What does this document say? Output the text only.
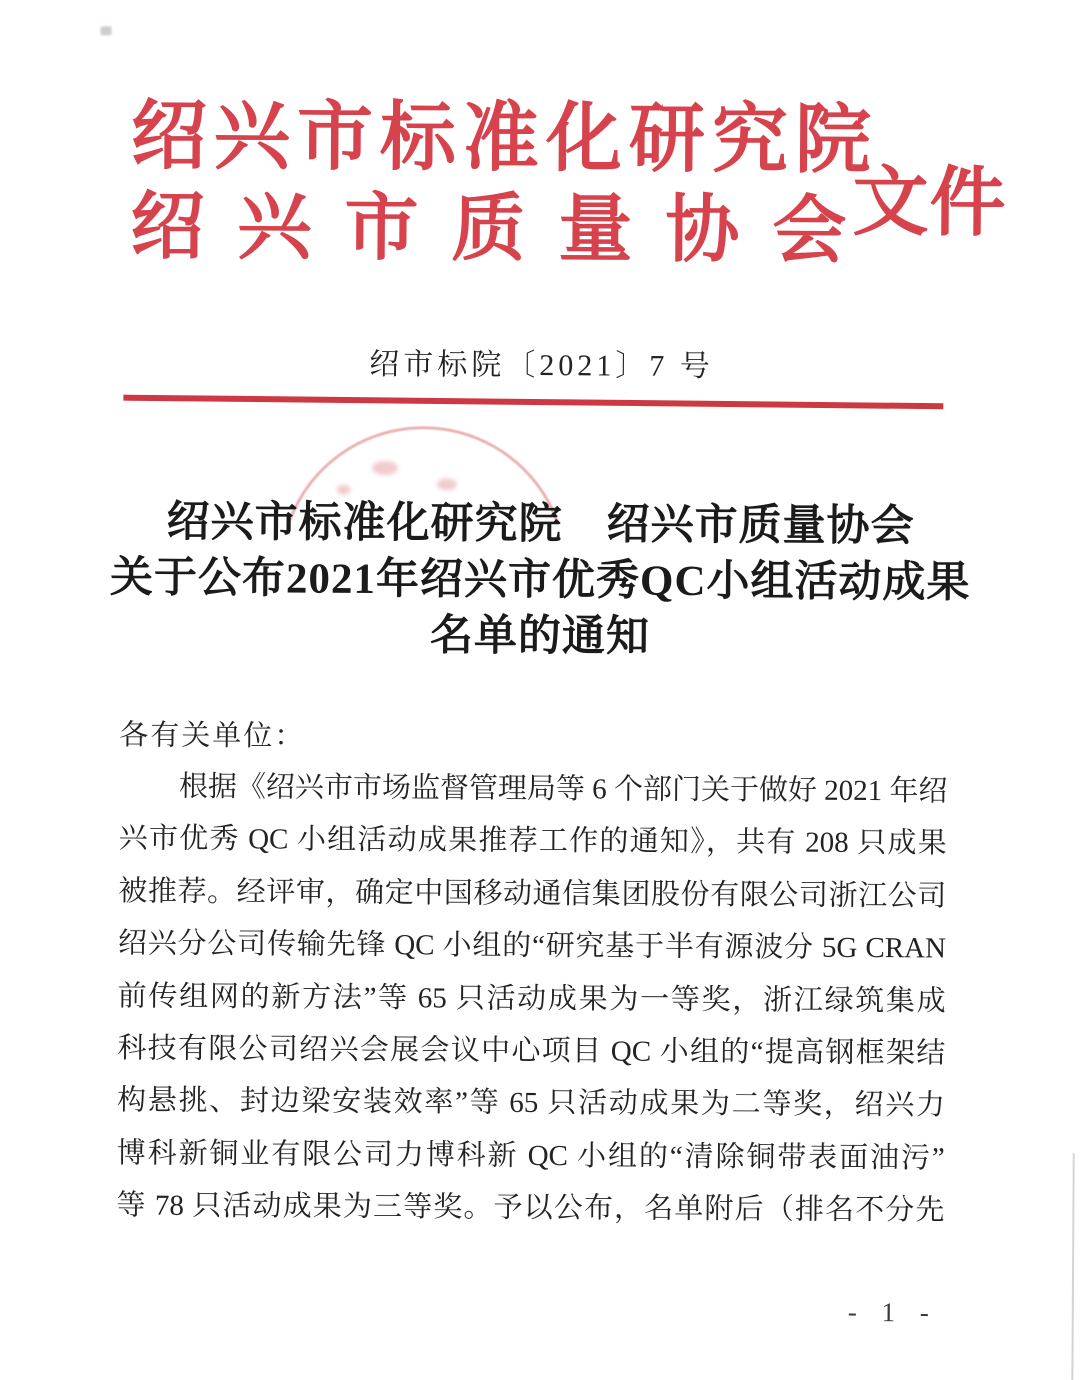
绍兴市标准化研究院
绍兴市质量协会
文件
绍市标院〔2021〕7 号
绍兴市标准化研究院　绍兴市质量协会
关于公布2021年绍兴市优秀QC小组活动成果
名单的通知
各有关单位：
根据《绍兴市市场监督管理局等 6 个部门关于做好 2021 年绍
兴市优秀 QC 小组活动成果推荐工作的通知》，共有 208 只成果
被推荐。经评审，确定中国移动通信集团股份有限公司浙江公司
绍兴分公司传输先锋 QC 小组的“研究基于半有源波分 5G CRAN
前传组网的新方法”等 65 只活动成果为一等奖，浙江绿筑集成
科技有限公司绍兴会展会议中心项目 QC 小组的“提高钢框架结
构悬挑、封边梁安装效率”等 65 只活动成果为二等奖，绍兴力
博科新铜业有限公司力博科新 QC 小组的“清除铜带表面油污”
等 78 只活动成果为三等奖。予以公布，名单附后（排名不分先
- 1 -
